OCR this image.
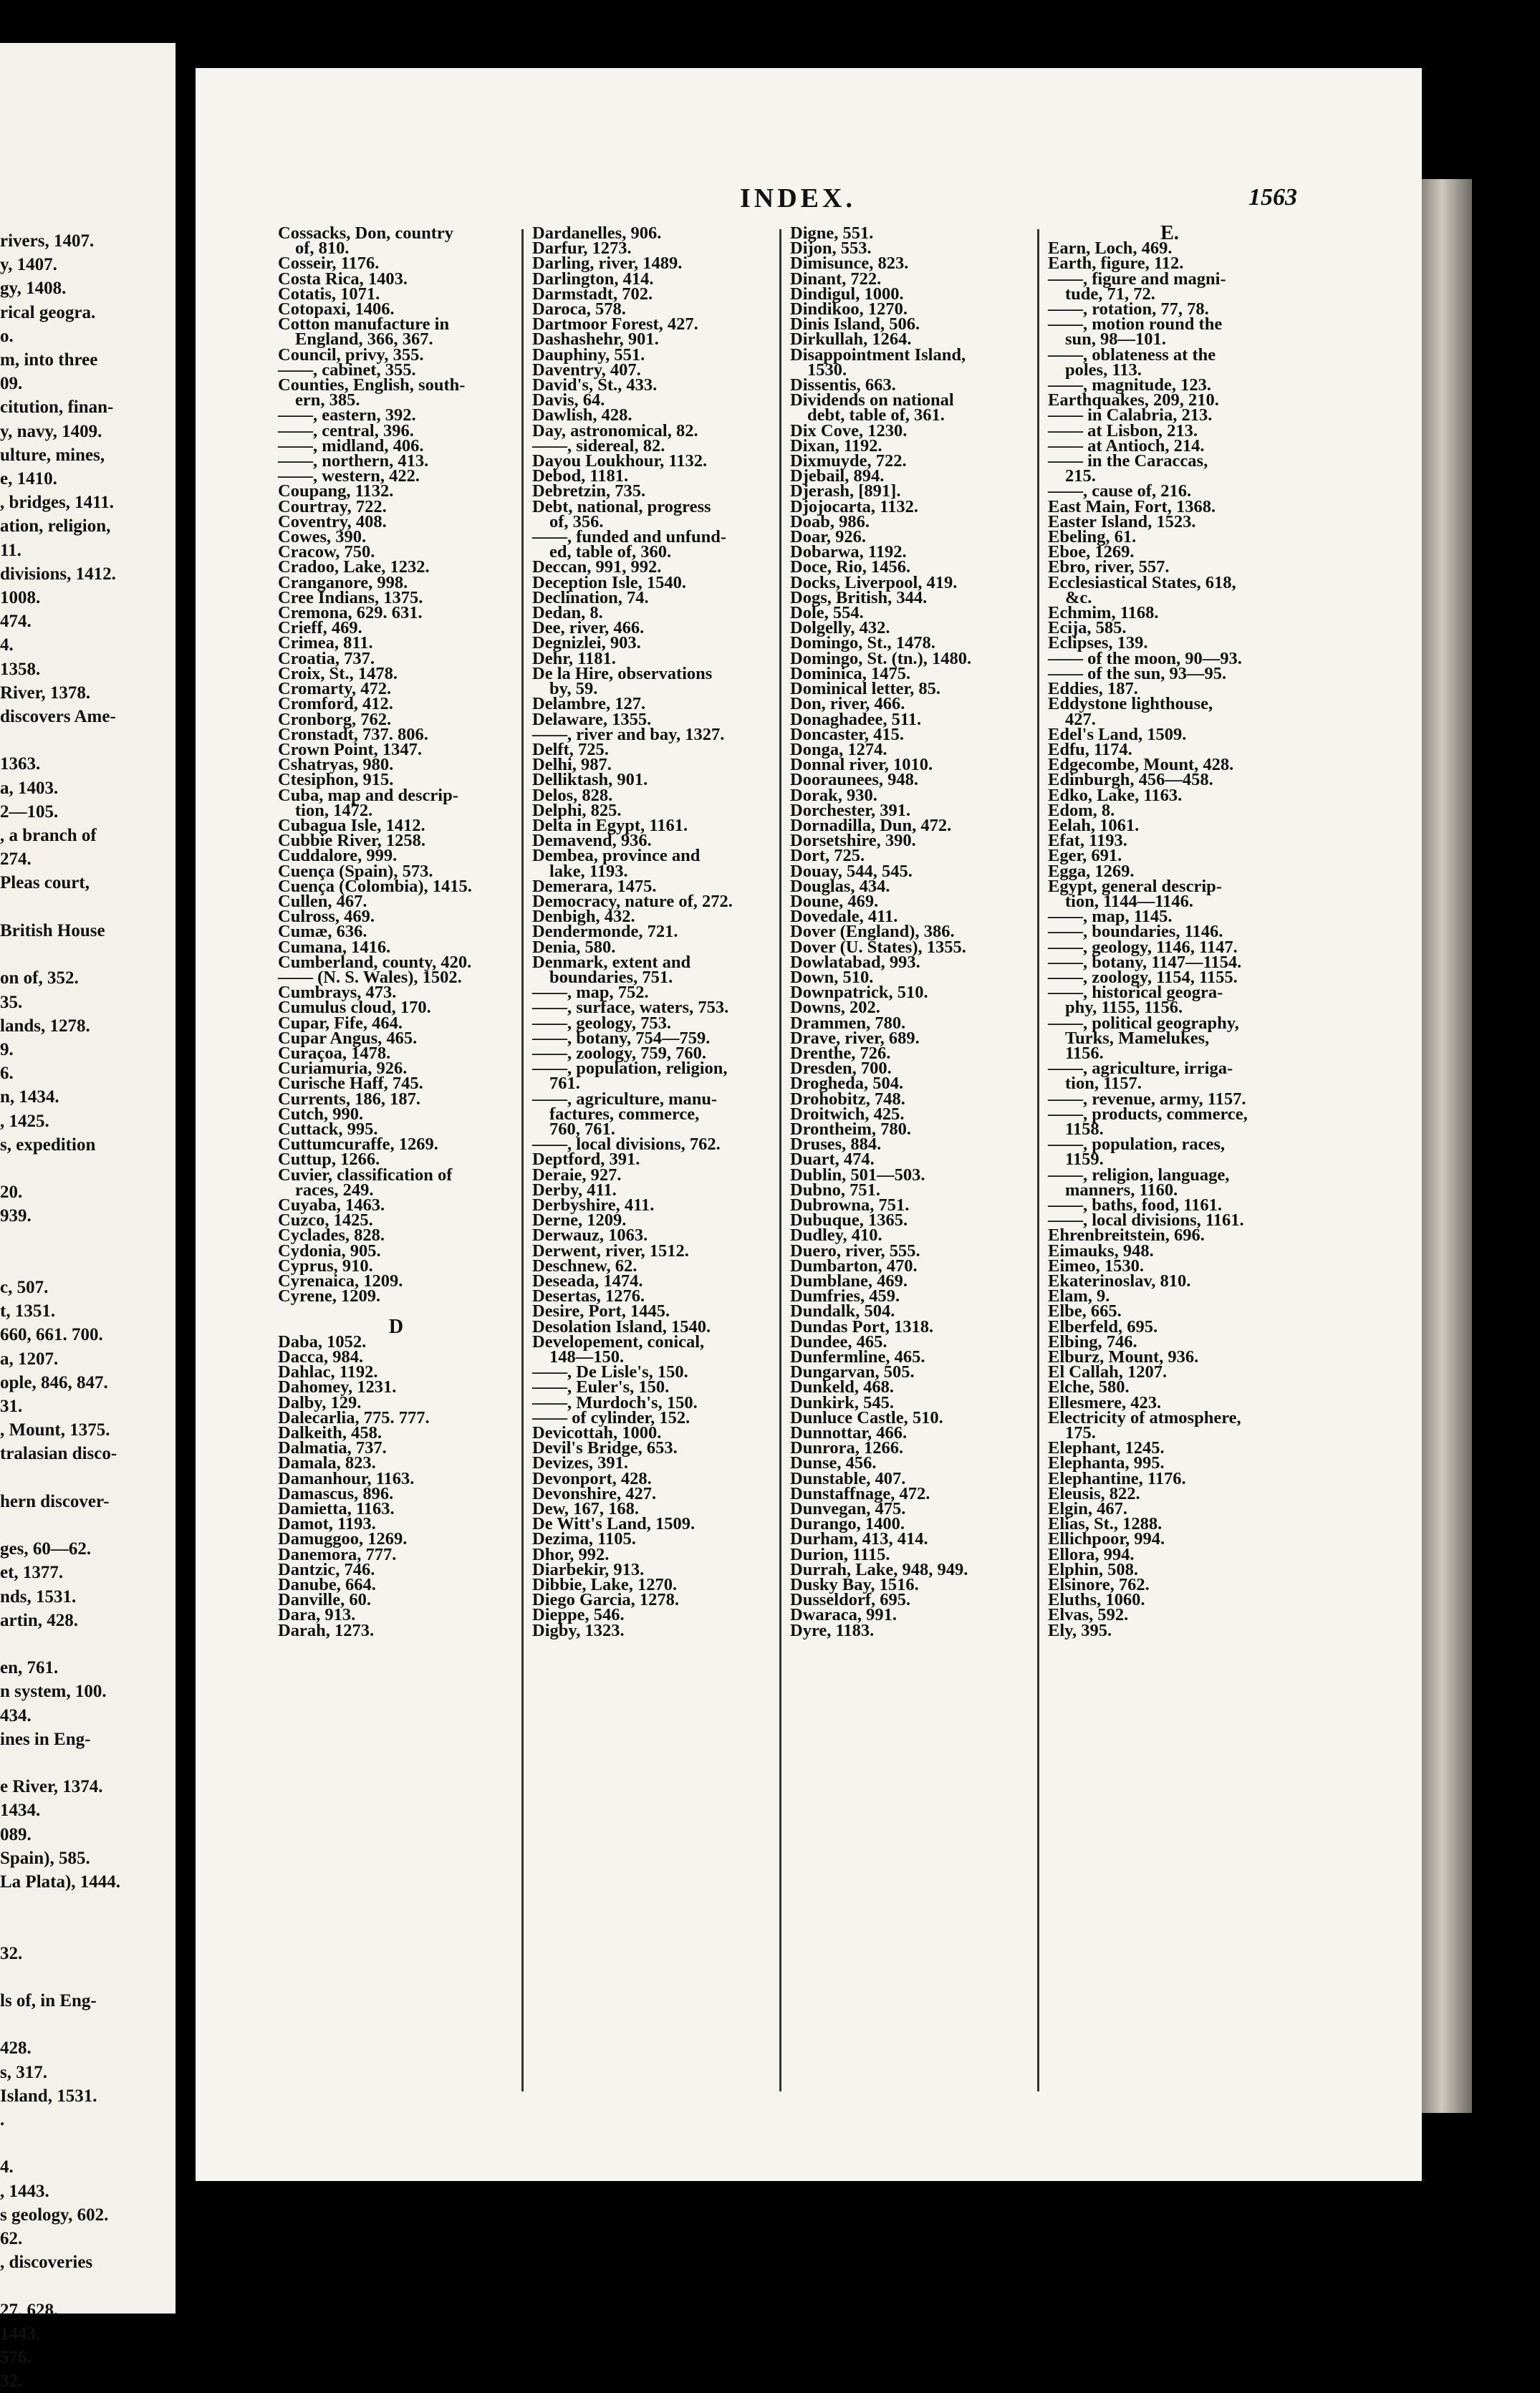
rivers, 1407.
y, 1407.
gy, 1408.
rical geogra.
o.
m, into three
09.
citution, finan-
y, navy, 1409.
ulture, mines,
e, 1410.
, bridges, 1411.
ation, religion,
11.
divisions, 1412.
1008.
474.
4.
1358.
River, 1378.
discovers Ame-

1363.
a, 1403.
2—105.
, a branch of
274.
Pleas court,

British House

on of, 352.
35.
lands, 1278.
9.
6.
n, 1434.
, 1425.
s, expedition

20.
939.

c, 507.
t, 1351.
660, 661. 700.
a, 1207.
ople, 846, 847.
31.
, Mount, 1375.
tralasian disco-

hern discover-

ges, 60—62.
et, 1377.
nds, 1531.
artin, 428.

en, 761.
n system, 100.
434.
ines in Eng-

e River, 1374.
1434.
089.
Spain), 585.
La Plata), 1444.

32.

ls of, in Eng-

428.
s, 317.
Island, 1531.
.

4.
, 1443.
s geology, 602.
62.
, discoveries

27, 628.
1443.
576.
32.
INDEX.	1563
Cossacks, Don, country
of, 810.
Cosseir, 1176.
Costa Rica, 1403.
Cotatis, 1071.
Cotopaxi, 1406.
Cotton manufacture in
England, 366, 367.
Council, privy, 355.
——, cabinet, 355.
Counties, English, south-
ern, 385.
——, eastern, 392.
——, central, 396.
——, midland, 406.
——, northern, 413.
——, western, 422.
Coupang, 1132.
Courtray, 722.
Coventry, 408.
Cowes, 390.
Cracow, 750.
Cradoo, Lake, 1232.
Cranganore, 998.
Cree Indians, 1375.
Cremona, 629. 631.
Crieff, 469.
Crimea, 811.
Croatia, 737.
Croix, St., 1478.
Cromarty, 472.
Cromford, 412.
Cronborg, 762.
Cronstadt, 737. 806.
Crown Point, 1347.
Cshatryas, 980.
Ctesiphon, 915.
Cuba, map and descrip-
tion, 1472.
Cubagua Isle, 1412.
Cubbie River, 1258.
Cuddalore, 999.
Cuença (Spain), 573.
Cuença (Colombia), 1415.
Cullen, 467.
Culross, 469.
Cumæ, 636.
Cumana, 1416.
Cumberland, county, 420.
—— (N. S. Wales), 1502.
Cumbrays, 473.
Cumulus cloud, 170.
Cupar, Fife, 464.
Cupar Angus, 465.
Curaçoa, 1478.
Curiamuria, 926.
Curische Haff, 745.
Currents, 186, 187.
Cutch, 990.
Cuttack, 995.
Cuttumcuraffe, 1269.
Cuttup, 1266.
Cuvier, classification of
races, 249.
Cuyaba, 1463.
Cuzco, 1425.
Cyclades, 828.
Cydonia, 905.
Cyprus, 910.
Cyrenaica, 1209.
Cyrene, 1209.

D
Daba, 1052.
Dacca, 984.
Dahlac, 1192.
Dahomey, 1231.
Dalby, 129.
Dalecarlia, 775. 777.
Dalkeith, 458.
Dalmatia, 737.
Damala, 823.
Damanhour, 1163.
Damascus, 896.
Damietta, 1163.
Damot, 1193.
Damuggoo, 1269.
Danemora, 777.
Dantzic, 746.
Danube, 664.
Danville, 60.
Dara, 913.
Darah, 1273.
Dardanelles, 906.
Darfur, 1273.
Darling, river, 1489.
Darlington, 414.
Darmstadt, 702.
Daroca, 578.
Dartmoor Forest, 427.
Dashashehr, 901.
Dauphiny, 551.
Daventry, 407.
David's, St., 433.
Davis, 64.
Dawlish, 428.
Day, astronomical, 82.
——, sidereal, 82.
Dayou Loukhour, 1132.
Debod, 1181.
Debretzin, 735.
Debt, national, progress
of, 356.
——, funded and unfund-
ed, table of, 360.
Deccan, 991, 992.
Deception Isle, 1540.
Declination, 74.
Dedan, 8.
Dee, river, 466.
Degnizlei, 903.
Dehr, 1181.
De la Hire, observations
by, 59.
Delambre, 127.
Delaware, 1355.
——, river and bay, 1327.
Delft, 725.
Delhi, 987.
Delliktash, 901.
Delos, 828.
Delphi, 825.
Delta in Egypt, 1161.
Demavend, 936.
Dembea, province and
lake, 1193.
Demerara, 1475.
Democracy, nature of, 272.
Denbigh, 432.
Dendermonde, 721.
Denia, 580.
Denmark, extent and
boundaries, 751.
——, map, 752.
——, surface, waters, 753.
——, geology, 753.
——, botany, 754—759.
——, zoology, 759, 760.
——, population, religion,
761.
——, agriculture, manu-
factures, commerce,
760, 761.
——, local divisions, 762.
Deptford, 391.
Deraie, 927.
Derby, 411.
Derbyshire, 411.
Derne, 1209.
Derwauz, 1063.
Derwent, river, 1512.
Deschnew, 62.
Deseada, 1474.
Desertas, 1276.
Desire, Port, 1445.
Desolation Island, 1540.
Developement, conical,
148—150.
——, De Lisle's, 150.
——, Euler's, 150.
——, Murdoch's, 150.
—— of cylinder, 152.
Devicottah, 1000.
Devil's Bridge, 653.
Devizes, 391.
Devonport, 428.
Devonshire, 427.
Dew, 167, 168.
De Witt's Land, 1509.
Dezima, 1105.
Dhor, 992.
Diarbekir, 913.
Dibbie, Lake, 1270.
Diego Garcia, 1278.
Dieppe, 546.
Digby, 1323.
Digne, 551.
Dijon, 553.
Dimisunce, 823.
Dinant, 722.
Dindigul, 1000.
Dindikoo, 1270.
Dinis Island, 506.
Dirkullah, 1264.
Disappointment Island,
1530.
Dissentis, 663.
Dividends on national
debt, table of, 361.
Dix Cove, 1230.
Dixan, 1192.
Dixmuyde, 722.
Djebail, 894.
Djerash, [891].
Djojocarta, 1132.
Doab, 986.
Doar, 926.
Dobarwa, 1192.
Doce, Rio, 1456.
Docks, Liverpool, 419.
Dogs, British, 344.
Dole, 554.
Dolgelly, 432.
Domingo, St., 1478.
Domingo, St. (tn.), 1480.
Dominica, 1475.
Dominical letter, 85.
Don, river, 466.
Donaghadee, 511.
Doncaster, 415.
Donga, 1274.
Donnal river, 1010.
Dooraunees, 948.
Dorak, 930.
Dorchester, 391.
Dornadilla, Dun, 472.
Dorsetshire, 390.
Dort, 725.
Douay, 544, 545.
Douglas, 434.
Doune, 469.
Dovedale, 411.
Dover (England), 386.
Dover (U. States), 1355.
Dowlatabad, 993.
Down, 510.
Downpatrick, 510.
Downs, 202.
Drammen, 780.
Drave, river, 689.
Drenthe, 726.
Dresden, 700.
Drogheda, 504.
Drohobitz, 748.
Droitwich, 425.
Drontheim, 780.
Druses, 884.
Duart, 474.
Dublin, 501—503.
Dubno, 751.
Dubrowna, 751.
Dubuque, 1365.
Dudley, 410.
Duero, river, 555.
Dumbarton, 470.
Dumblane, 469.
Dumfries, 459.
Dundalk, 504.
Dundas Port, 1318.
Dundee, 465.
Dunfermline, 465.
Dungarvan, 505.
Dunkeld, 468.
Dunkirk, 545.
Dunluce Castle, 510.
Dunnottar, 466.
Dunrora, 1266.
Dunse, 456.
Dunstable, 407.
Dunstaffnage, 472.
Dunvegan, 475.
Durango, 1400.
Durham, 413, 414.
Durion, 1115.
Durrah, Lake, 948, 949.
Dusky Bay, 1516.
Dusseldorf, 695.
Dwaraca, 991.
Dyre, 1183.
E.
Earn, Loch, 469.
Earth, figure, 112.
——, figure and magni-
tude, 71, 72.
——, rotation, 77, 78.
——, motion round the
sun, 98—101.
——, oblateness at the
poles, 113.
——, magnitude, 123.
Earthquakes, 209, 210.
—— in Calabria, 213.
—— at Lisbon, 213.
—— at Antioch, 214.
—— in the Caraccas,
215.
——, cause of, 216.
East Main, Fort, 1368.
Easter Island, 1523.
Ebeling, 61.
Eboe, 1269.
Ebro, river, 557.
Ecclesiastical States, 618,
&c.
Echmim, 1168.
Ecija, 585.
Eclipses, 139.
—— of the moon, 90—93.
—— of the sun, 93—95.
Eddies, 187.
Eddystone lighthouse,
427.
Edel's Land, 1509.
Edfu, 1174.
Edgecombe, Mount, 428.
Edinburgh, 456—458.
Edko, Lake, 1163.
Edom, 8.
Eelah, 1061.
Efat, 1193.
Eger, 691.
Egga, 1269.
Egypt, general descrip-
tion, 1144—1146.
——, map, 1145.
——, boundaries, 1146.
——, geology, 1146, 1147.
——, botany, 1147—1154.
——, zoology, 1154, 1155.
——, historical geogra-
phy, 1155, 1156.
——, political geography,
Turks, Mamelukes,
1156.
——, agriculture, irriga-
tion, 1157.
——, revenue, army, 1157.
——, products, commerce,
1158.
——, population, races,
1159.
——, religion, language,
manners, 1160.
——, baths, food, 1161.
——, local divisions, 1161.
Ehrenbreitstein, 696.
Eimauks, 948.
Eimeo, 1530.
Ekaterinoslav, 810.
Elam, 9.
Elbe, 665.
Elberfeld, 695.
Elbing, 746.
Elburz, Mount, 936.
El Callah, 1207.
Elche, 580.
Ellesmere, 423.
Electricity of atmosphere,
175.
Elephant, 1245.
Elephanta, 995.
Elephantine, 1176.
Eleusis, 822.
Elgin, 467.
Elias, St., 1288.
Ellichpoor, 994.
Ellora, 994.
Elphin, 508.
Elsinore, 762.
Eluths, 1060.
Elvas, 592.
Ely, 395.
